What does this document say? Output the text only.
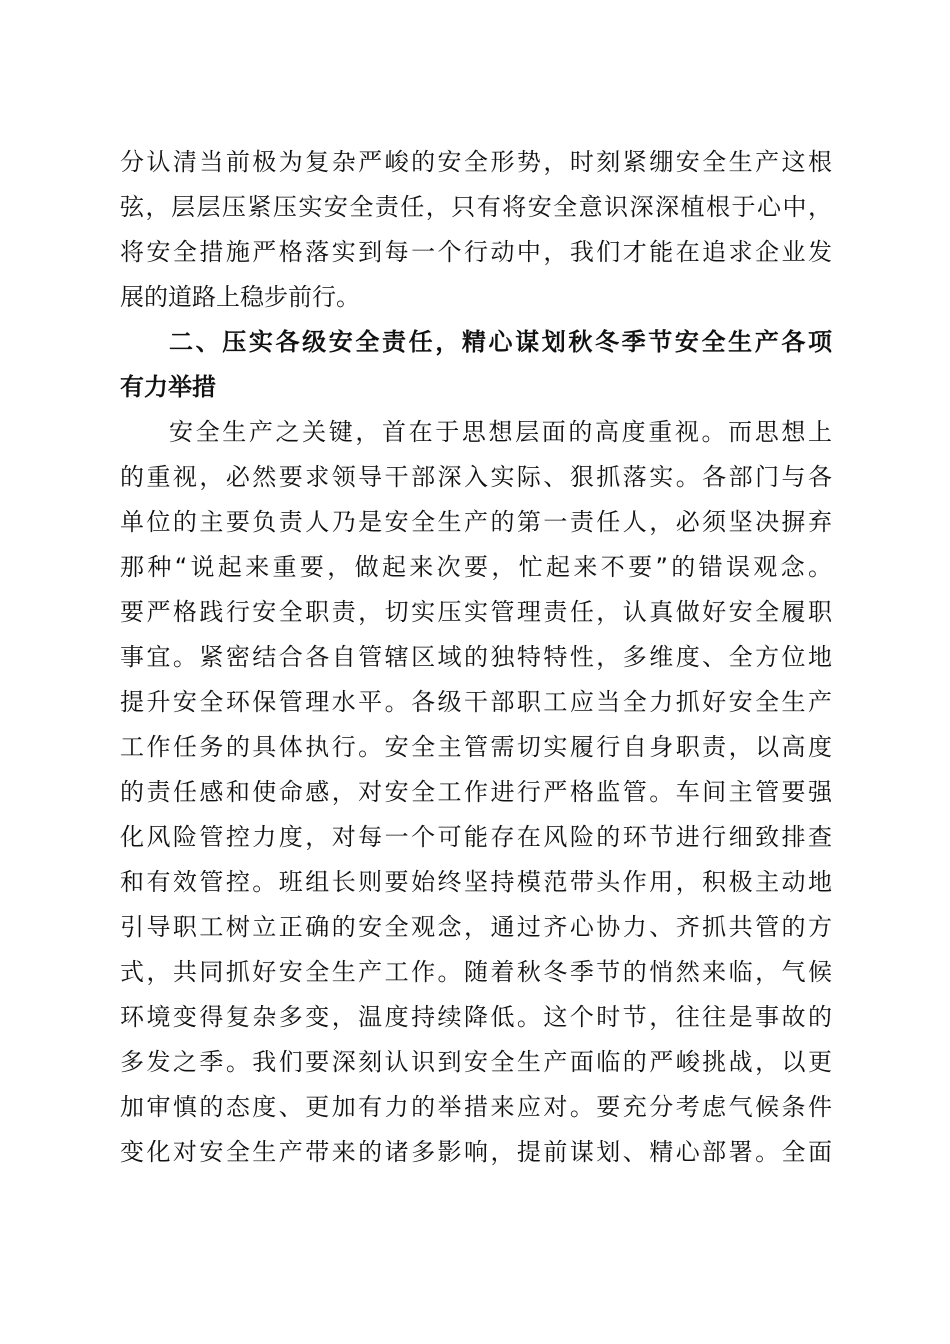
分认清当前极为复杂严峻的安全形势，时刻紧绷安全生产这根
弦，层层压紧压实安全责任，只有将安全意识深深植根于心中，
将安全措施严格落实到每一个行动中，我们才能在追求企业发
展的道路上稳步前行。
二、压实各级安全责任，精心谋划秋冬季节安全生产各项
有力举措
安全生产之关键，首在于思想层面的高度重视。而思想上
的重视，必然要求领导干部深入实际、狠抓落实。各部门与各
单位的主要负责人乃是安全生产的第一责任人，必须坚决摒弃
那种“说起来重要，做起来次要，忙起来不要”的错误观念。
要严格践行安全职责，切实压实管理责任，认真做好安全履职
事宜。紧密结合各自管辖区域的独特特性，多维度、全方位地
提升安全环保管理水平。各级干部职工应当全力抓好安全生产
工作任务的具体执行。安全主管需切实履行自身职责，以高度
的责任感和使命感，对安全工作进行严格监管。车间主管要强
化风险管控力度，对每一个可能存在风险的环节进行细致排查
和有效管控。班组长则要始终坚持模范带头作用，积极主动地
引导职工树立正确的安全观念，通过齐心协力、齐抓共管的方
式，共同抓好安全生产工作。随着秋冬季节的悄然来临，气候
环境变得复杂多变，温度持续降低。这个时节，往往是事故的
多发之季。我们要深刻认识到安全生产面临的严峻挑战，以更
加审慎的态度、更加有力的举措来应对。要充分考虑气候条件
变化对安全生产带来的诸多影响，提前谋划、精心部署。全面
